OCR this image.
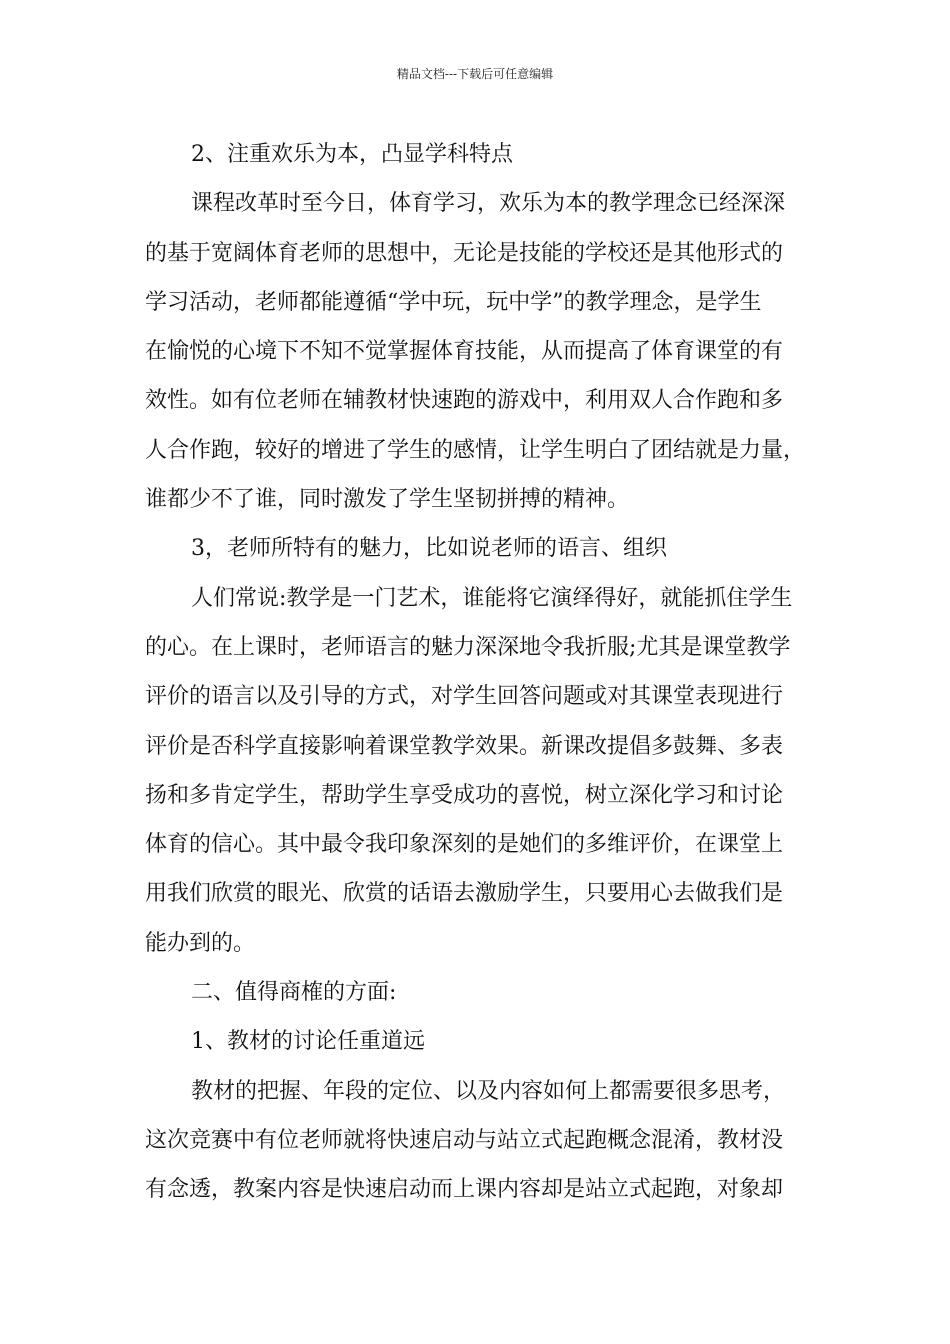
精品文档---下载后可任意编辑
2、注重欢乐为本，凸显学科特点
课程改革时至今日，体育学习，欢乐为本的教学理念已经深深
的基于宽阔体育老师的思想中，无论是技能的学校还是其他形式的
学习活动，老师都能遵循“学中玩，玩中学”的教学理念，是学生
在愉悦的心境下不知不觉掌握体育技能，从而提高了体育课堂的有
效性。如有位老师在辅教材快速跑的游戏中，利用双人合作跑和多
人合作跑，较好的增进了学生的感情，让学生明白了团结就是力量，
谁都少不了谁，同时激发了学生坚韧拼搏的精神。
3，老师所特有的魅力，比如说老师的语言、组织
人们常说:教学是一门艺术，谁能将它演绎得好，就能抓住学生
的心。在上课时，老师语言的魅力深深地令我折服;尤其是课堂教学
评价的语言以及引导的方式，对学生回答问题或对其课堂表现进行
评价是否科学直接影响着课堂教学效果。新课改提倡多鼓舞、多表
扬和多肯定学生，帮助学生享受成功的喜悦，树立深化学习和讨论
体育的信心。其中最令我印象深刻的是她们的多维评价，在课堂上
用我们欣赏的眼光、欣赏的话语去激励学生，只要用心去做我们是
能办到的。
二、值得商榷的方面:
1、教材的讨论任重道远
教材的把握、年段的定位、以及内容如何上都需要很多思考，
这次竞赛中有位老师就将快速启动与站立式起跑概念混淆，教材没
有念透，教案内容是快速启动而上课内容却是站立式起跑，对象却
